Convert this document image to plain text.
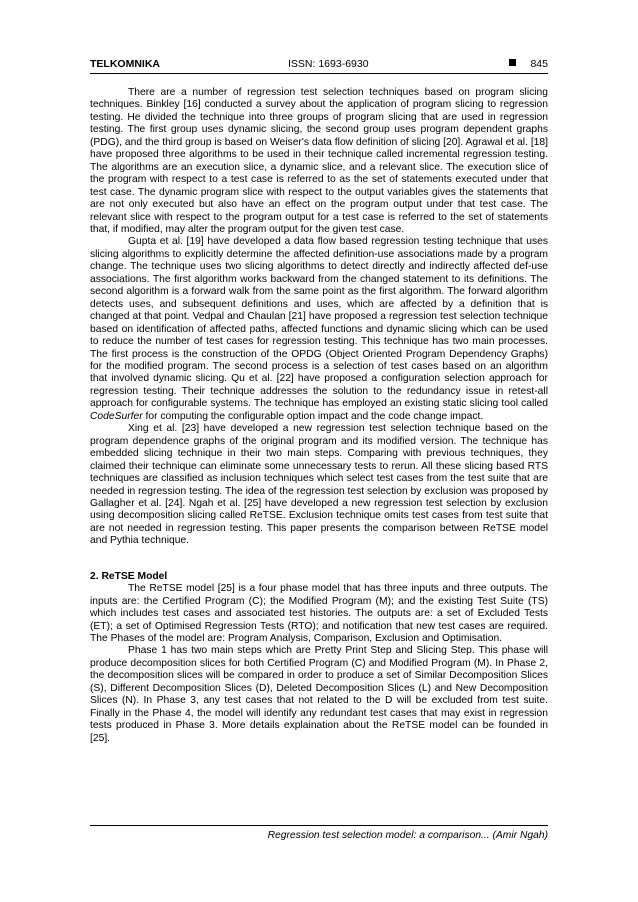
TELKOMNIKA	ISSN: 1693-6930	845

There are a number of regression test selection techniques based on program slicing techniques. Binkley [16] conducted a survey about the application of program slicing to regression testing. He divided the technique into three groups of program slicing that are used in regression testing. The first group uses dynamic slicing, the second group uses program dependent graphs (PDG), and the third group is based on Weiser's data flow definition of slicing [20]. Agrawal et al. [18] have proposed three algorithms to be used in their technique called incremental regression testing. The algorithms are an execution slice, a dynamic slice, and a relevant slice. The execution slice of the program with respect to a test case is referred to as the set of statements executed under that test case. The dynamic program slice with respect to the output variables gives the statements that are not only executed but also have an effect on the program output under that test case. The relevant slice with respect to the program output for a test case is referred to the set of statements that, if modified, may alter the program output for the given test case.

Gupta et al. [19] have developed a data flow based regression testing technique that uses slicing algorithms to explicitly determine the affected definition-use associations made by a program change. The technique uses two slicing algorithms to detect directly and indirectly affected def-use associations. The first algorithm works backward from the changed statement to its definitions. The second algorithm is a forward walk from the same point as the first algorithm. The forward algorithm detects uses, and subsequent definitions and uses, which are affected by a definition that is changed at that point. Vedpal and Chaulan [21] have proposed a regression test selection technique based on identification of affected paths, affected functions and dynamic slicing which can be used to reduce the number of test cases for regression testing. This technique has two main processes. The first process is the construction of the OPDG (Object Oriented Program Dependency Graphs) for the modified program. The second process is a selection of test cases based on an algorithm that involved dynamic slicing. Qu et al. [22] have proposed a configuration selection approach for regression testing. Their technique addresses the solution to the redundancy issue in retest-all approach for configurable systems. The technique has employed an existing static slicing tool called CodeSurfer for computing the configurable option impact and the code change impact.

Xing et al. [23] have developed a new regression test selection technique based on the program dependence graphs of the original program and its modified version. The technique has embedded slicing technique in their two main steps. Comparing with previous techniques, they claimed their technique can eliminate some unnecessary tests to rerun. All these slicing based RTS techniques are classified as inclusion techniques which select test cases from the test suite that are needed in regression testing. The idea of the regression test selection by exclusion was proposed by Gallagher et al. [24]. Ngah et al. [25] have developed a new regression test selection by exclusion using decomposition slicing called ReTSE. Exclusion technique omits test cases from test suite that are not needed in regression testing. This paper presents the comparison between ReTSE model and Pythia technique.

2. ReTSE Model

The ReTSE model [25] is a four phase model that has three inputs and three outputs. The inputs are: the Certified Program (C); the Modified Program (M); and the existing Test Suite (TS) which includes test cases and associated test histories. The outputs are: a set of Excluded Tests (ET); a set of Optimised Regression Tests (RTO); and notification that new test cases are required. The Phases of the model are: Program Analysis, Comparison, Exclusion and Optimisation.

Phase 1 has two main steps which are Pretty Print Step and Slicing Step. This phase will produce decomposition slices for both Certified Program (C) and Modified Program (M). In Phase 2, the decomposition slices will be compared in order to produce a set of Similar Decomposition Slices (S), Different Decomposition Slices (D), Deleted Decomposition Slices (L) and New Decomposition Slices (N). In Phase 3, any test cases that not related to the D will be excluded from test suite. Finally in the Phase 4, the model will identify any redundant test cases that may exist in regression tests produced in Phase 3. More details explaination about the ReTSE model can be founded in [25].

Regression test selection model: a comparison... (Amir Ngah)
